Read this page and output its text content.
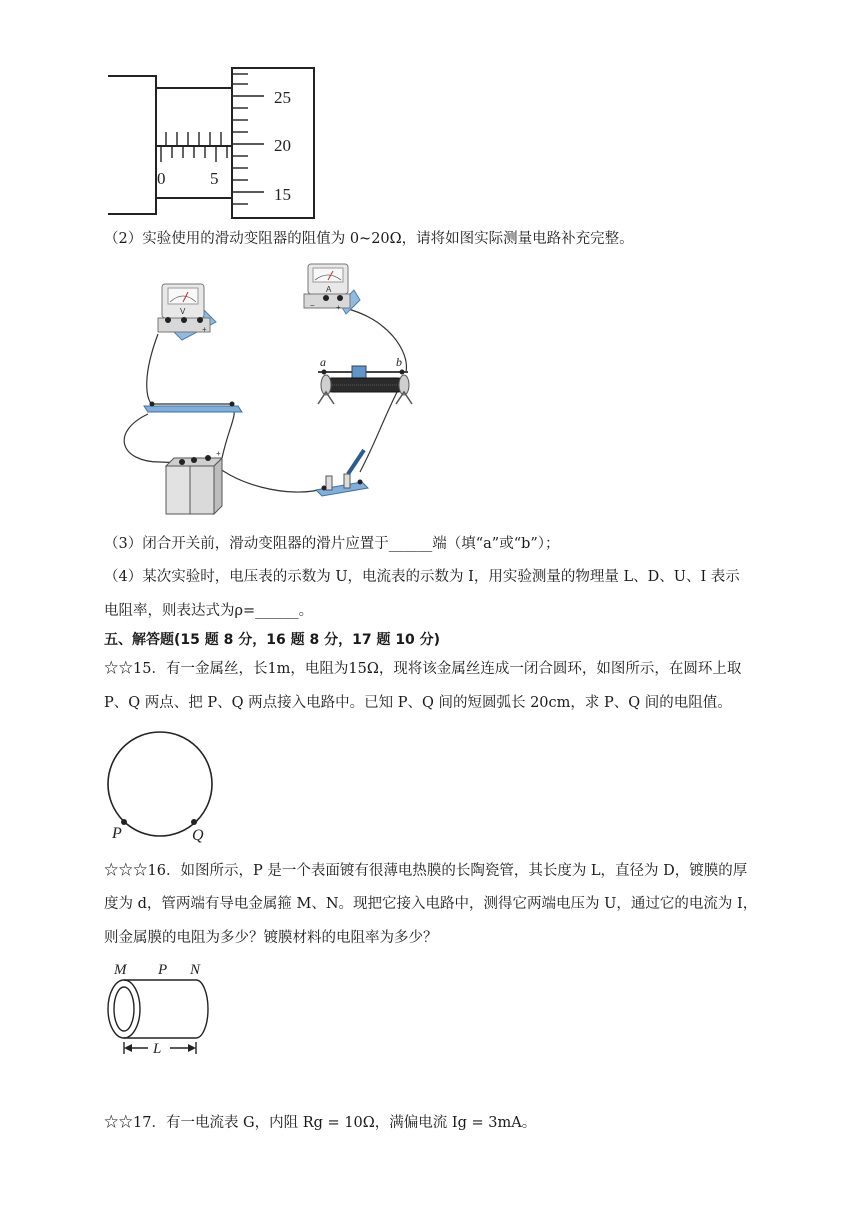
0	5
25
20
15
（2）实验使用的滑动变阻器的阻值为 0~20Ω，请将如图实际测量电路补充完整。
V
+
A
−	+
a	b
+
（3）闭合开关前，滑动变阻器的滑片应置于______端（填“a”或“b”）；
（4）某次实验时，电压表的示数为 U，电流表的示数为 I，用实验测量的物理量 L、D、U、I 表示
电阻率，则表达式为ρ=______。
五、解答题(15 题 8 分，16 题 8 分，17 题 10 分)
☆☆15．有一金属丝，长1m，电阻为15Ω，现将该金属丝连成一闭合圆环，如图所示，在圆环上取
P、Q 两点、把 P、Q 两点接入电路中。已知 P、Q 间的短圆弧长 20cm，求 P、Q 间的电阻值。
P	Q
☆☆☆16．如图所示，P 是一个表面镀有很薄电热膜的长陶瓷管，其长度为 L，直径为 D，镀膜的厚
度为 d，管两端有导电金属箍 M、N。现把它接入电路中，测得它两端电压为 U，通过它的电流为 I，
则金属膜的电阻为多少？镀膜材料的电阻率为多少？
M P N
L
☆☆17．有一电流表 G，内阻 Rg = 10Ω，满偏电流 Ig = 3mA。
